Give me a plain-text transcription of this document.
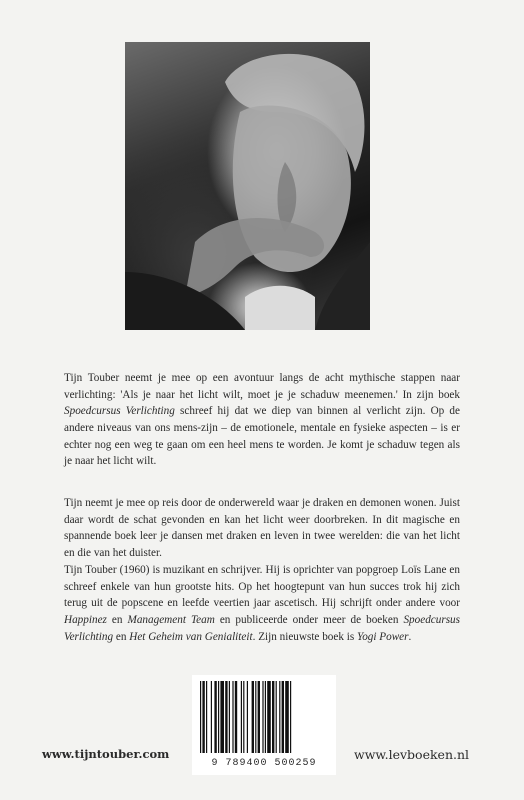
Tijn Touber neemt je mee op een avontuur langs de acht mythische stappen naar verlichting: 'Als je naar het licht wilt, moet je je schaduw meenemen.' In zijn boek Spoedcursus Verlichting schreef hij dat we diep van binnen al verlicht zijn. Op de andere niveaus van ons mens-zijn – de emotionele, mentale en fysieke aspecten – is er echter nog een weg te gaan om een heel mens te worden. Je komt je schaduw tegen als je naar het licht wilt.

Tijn neemt je mee op reis door de onderwereld waar je draken en demonen wonen. Juist daar wordt de schat gevonden en kan het licht weer doorbreken. In dit magische en spannende boek leer je dansen met draken en leven in twee werelden: die van het licht en die van het duister.

Tijn Touber (1960) is muzikant en schrijver. Hij is oprichter van popgroep Loïs Lane en schreef enkele van hun grootste hits. Op het hoogtepunt van hun succes trok hij zich terug uit de popscene en leefde veertien jaar ascetisch. Hij schrijft onder andere voor Happinez en Management Team en publiceerde onder meer de boeken Spoedcursus Verlichting en Het Geheim van Genialiteit. Zijn nieuwste boek is Yogi Power.

9 789400 500259
www.tijntouber.com	www.levboeken.nl
